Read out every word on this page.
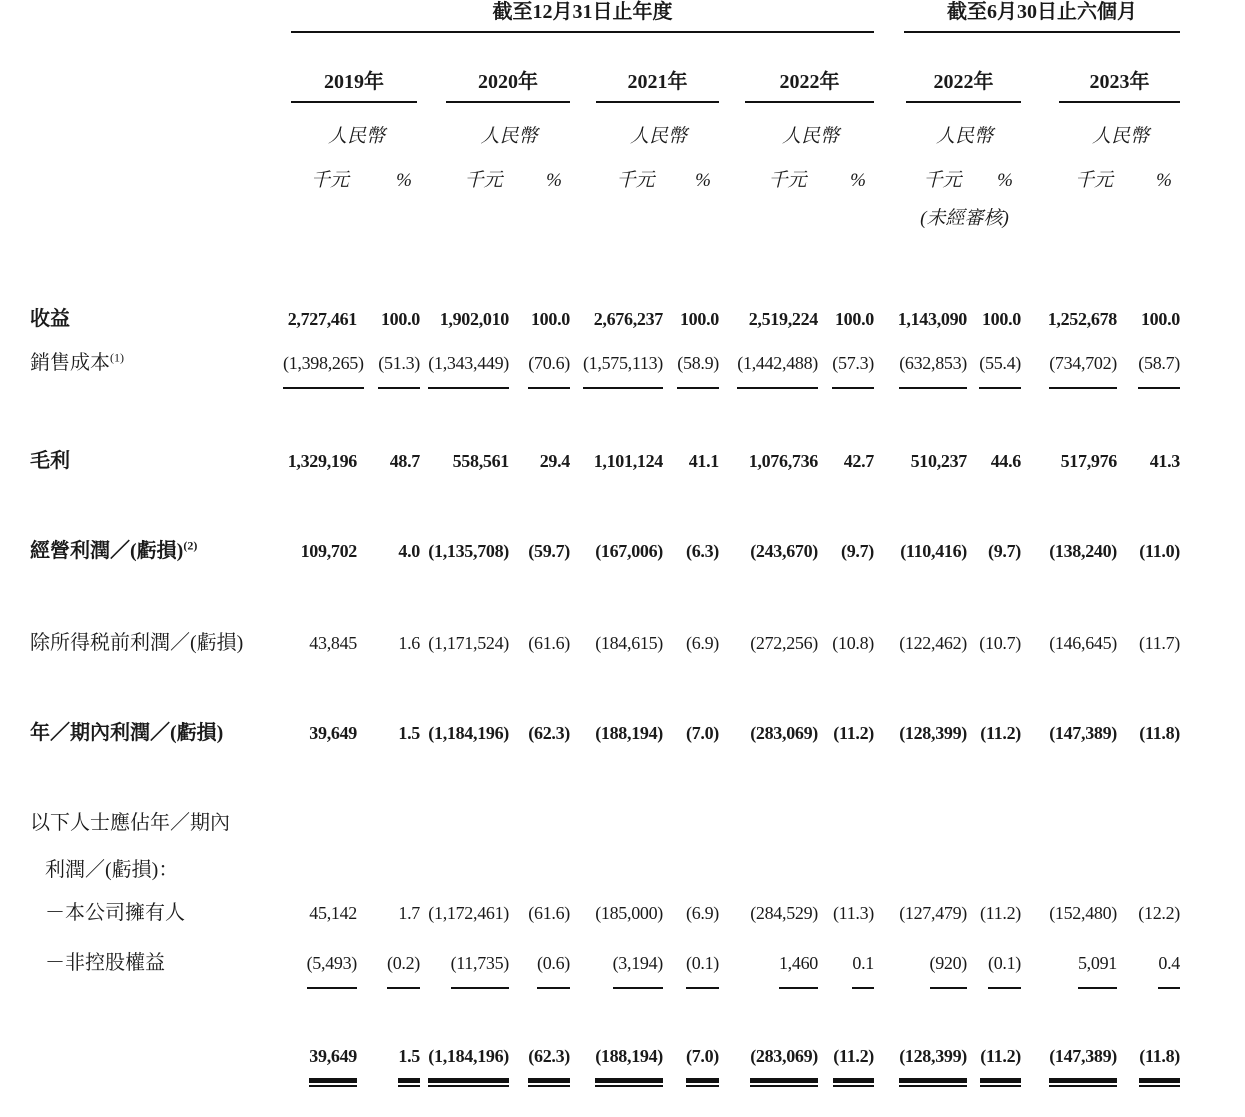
	截至12月31日止年度								截至6月30日止六個月				

	2019年		2020年		2021年		2022年		2022年		2023年		

	人民幣		人民幣		人民幣		人民幣		人民幣		人民幣		

	千元	%	千元	%	千元	%	千元	%	千元	%	千元	%	

									(未經審核)				

收益	2,727,461	100.0	1,902,010	100.0	2,676,237	100.0	2,519,224	100.0	1,143,090	100.0	1,252,678	100.0	
銷售成本$^{(1)}$	(1,398,265)	(51.3)	(1,343,449)	(70.6)	(1,575,113)	(58.9)	(1,442,488)	(57.3)	(632,853)	(55.4)	(734,702)	(58.7)	

毛利	1,329,196	48.7	558,561	29.4	1,101,124	41.1	1,076,736	42.7	510,237	44.6	517,976	41.3	

經營利潤／(虧損)$^{(2)}$	109,702	4.0	(1,135,708)	(59.7)	(167,006)	(6.3)	(243,670)	(9.7)	(110,416)	(9.7)	(138,240)	(11.0)	

除所得税前利潤／(虧損)	43,845	1.6	(1,171,524)	(61.6)	(184,615)	(6.9)	(272,256)	(10.8)	(122,462)	(10.7)	(146,645)	(11.7)	

年／期內利潤／(虧損)	39,649	1.5	(1,184,196)	(62.3)	(188,194)	(7.0)	(283,069)	(11.2)	(128,399)	(11.2)	(147,389)	(11.8)	

以下人士應佔年／期內													
利潤／(虧損)：													
－本公司擁有人	45,142	1.7	(1,172,461)	(61.6)	(185,000)	(6.9)	(284,529)	(11.3)	(127,479)	(11.2)	(152,480)	(12.2)	
－非控股權益	(5,493)	(0.2)	(11,735)	(0.6)	(3,194)	(0.1)	1,460	0.1	(920)	(0.1)	5,091	0.4	

	39,649	1.5	(1,184,196)	(62.3)	(188,194)	(7.0)	(283,069)	(11.2)	(128,399)	(11.2)	(147,389)	(11.8)	
